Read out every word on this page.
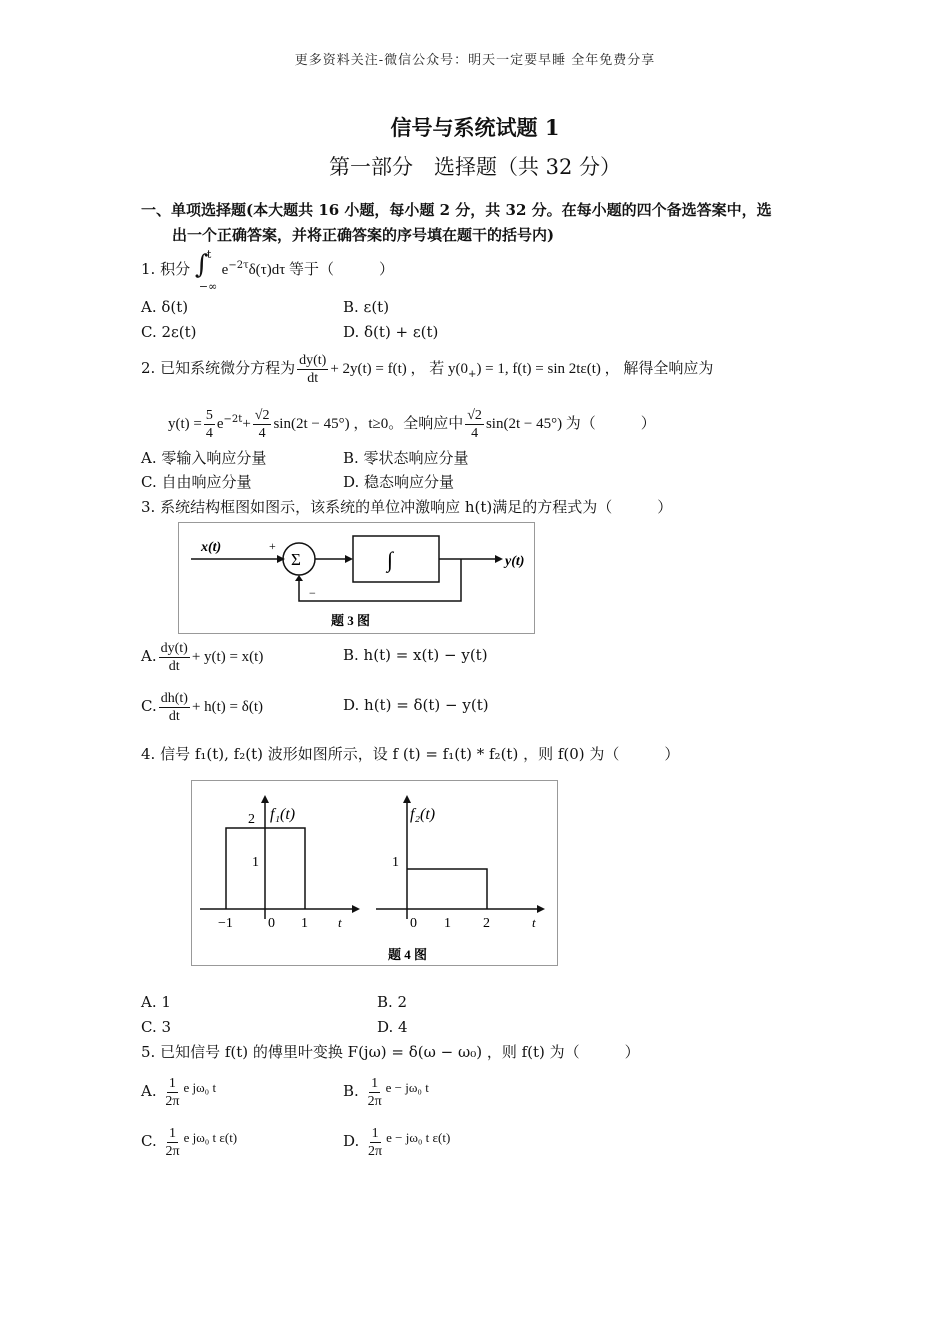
更多资料关注-微信公众号：明天一定要早睡 全年免费分享
信号与系统试题 1
第一部分　选择题（共 32 分）
一、单项选择题(本大题共 16 小题，每小题 2 分，共 32 分。在每小题的四个备选答案中，选
出一个正确答案，并将正确答案的序号填在题干的括号内)
1. 积分 ∫
t
−∞
$e^{-2\tau}\delta(\tau)d\tau$ 等于（　　　）
A. δ(t)	B. ε(t)
C. 2ε(t)	D. δ(t) + ε(t)
2. 已知系统微分方程为 $\frac{dy(t)}{dt} + 2y(t) = f(t)$ ， 若 $y(0_+) = 1$, f(t) = sin 2tε(t) ， 解得全响应为
$y(t) = \frac{5}{4} e^{-2t}+ \frac{√2}{4} \sin(2t - 45^\circ)$ ，t≥0。全响应中 $\frac{√2}{4} \sin(2t - 45^\circ)$ 为（　　　）
A. 零输入响应分量	B. 零状态响应分量
C. 自由响应分量	D. 稳态响应分量
3. 系统结构框图如图示，该系统的单位冲激响应 h(t)满足的方程式为（　　　）
x(t)	+
Σ	∫	y(t)
−
题 3 图
A. $\frac{dy(t)}{dt} + y(t) = x(t)$	B. h(t) = x(t) − y(t)
C. $\frac{dh(t)}{dt} + h(t) = \delta(t)$	D. h(t) = δ(t) − y(t)
4. 信号 f₁(t), f₂(t) 波形如图所示，设 f (t) = f₁(t) * f₂(t) ，则 f(0) 为（　　　）
f₁(t)
2
1
−1	0 1 t
f₂(t)
1
0 1 2	t
题 4 图
A. 1	B. 2
C. 3	D. 4
5. 已知信号 f(t) 的傅里叶变换 F(jω) = δ(ω − ω₀) ，则 f(t) 为（　　　）
A. $\frac{1}{2\pi}$ e jω₀ t	B. $\frac{1}{2\pi}$ e − jω₀ t
C. $\frac{1}{2\pi}$ e jω₀ t ε(t)	D. $\frac{1}{2\pi}$ e − jω₀ t ε(t)
